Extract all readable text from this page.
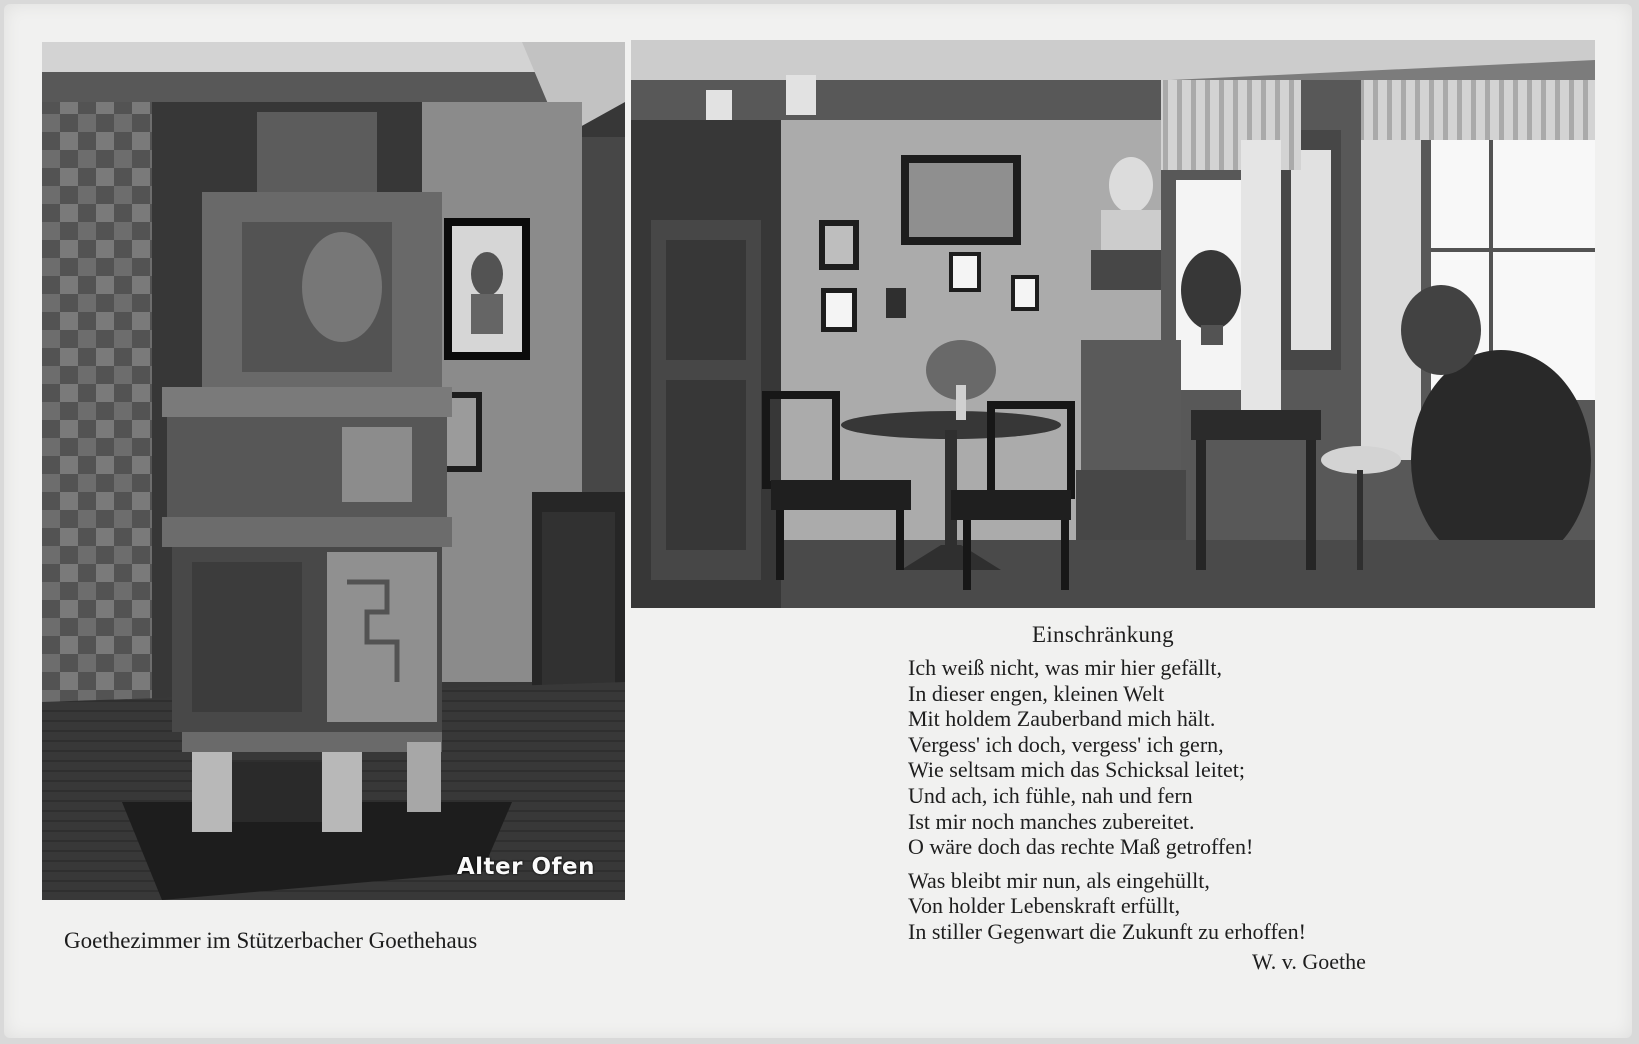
Alter Ofen
Goethezimmer im Stützerbacher Goethehaus
Einschränkung
Ich weiß nicht, was mir hier gefällt,
In dieser engen, kleinen Welt
Mit holdem Zauberband mich hält.
Vergess' ich doch, vergess' ich gern,
Wie seltsam mich das Schicksal leitet;
Und ach, ich fühle, nah und fern
Ist mir noch manches zubereitet.
O wäre doch das rechte Maß getroffen!
Was bleibt mir nun, als eingehüllt,
Von holder Lebenskraft erfüllt,
In stiller Gegenwart die Zukunft zu erhoffen!
W. v. Goethe
